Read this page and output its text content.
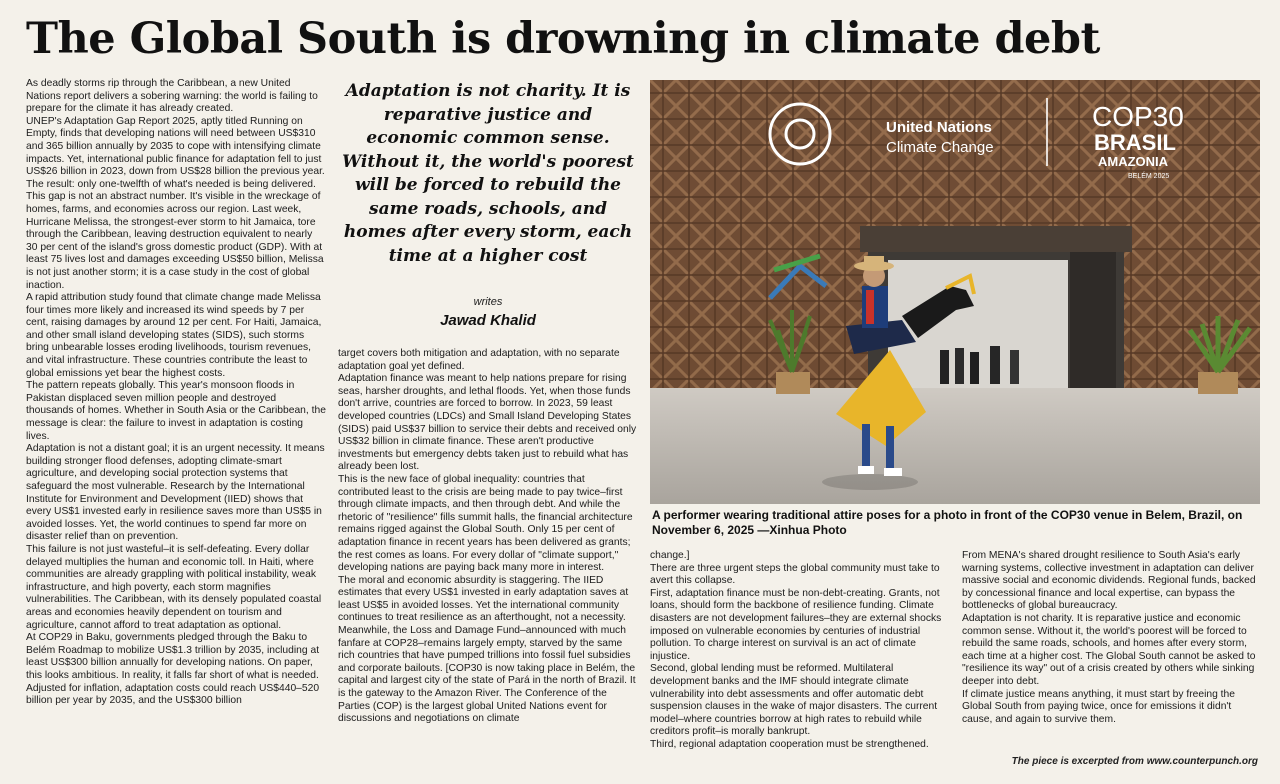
The Global South is drowning in climate debt

As deadly storms rip through the Caribbean, a new United Nations report delivers a sobering warning: the world is failing to prepare for the climate it has already created.

UNEP's Adaptation Gap Report 2025, aptly titled Running on Empty, finds that developing nations will need between US$310 and 365 billion annually by 2035 to cope with intensifying climate impacts. Yet, international public finance for adaptation fell to just US$26 billion in 2023, down from US$28 billion the previous year. The result: only one-twelfth of what's needed is being delivered.

This gap is not an abstract number. It's visible in the wreckage of homes, farms, and economies across our region. Last week, Hurricane Melissa, the strongest-ever storm to hit Jamaica, tore through the Caribbean, leaving destruction equivalent to nearly 30 per cent of the island's gross domestic product (GDP). With at least 75 lives lost and damages exceeding US$50 billion, Melissa is not just another storm; it is a case study in the cost of global inaction.

A rapid attribution study found that climate change made Melissa four times more likely and increased its wind speeds by 7 per cent, raising damages by around 12 per cent. For Haiti, Jamaica, and other small island developing states (SIDS), such storms bring unbearable losses eroding livelihoods, tourism revenues, and vital infrastructure. These countries contribute the least to global emissions yet bear the highest costs.

The pattern repeats globally. This year's monsoon floods in Pakistan displaced seven million people and destroyed thousands of homes. Whether in South Asia or the Caribbean, the message is clear: the failure to invest in adaptation is costing lives.

Adaptation is not a distant goal; it is an urgent necessity. It means building stronger flood defenses, adopting climate-smart agriculture, and developing social protection systems that safeguard the most vulnerable. Research by the International Institute for Environment and Development (IIED) shows that every US$1 invested early in resilience saves more than US$5 in avoided losses. Yet, the world continues to spend far more on disaster relief than on prevention.

This failure is not just wasteful–it is self-defeating. Every dollar delayed multiplies the human and economic toll. In Haiti, where communities are already grappling with political instability, weak infrastructure, and high poverty, each storm magnifies vulnerabilities. The Caribbean, with its densely populated coastal areas and economies heavily dependent on tourism and agriculture, cannot afford to treat adaptation as optional.

At COP29 in Baku, governments pledged through the Baku to Belém Roadmap to mobilize US$1.3 trillion by 2035, including at least US$300 billion annually for developing nations. On paper, this looks ambitious. In reality, it falls far short of what is needed. Adjusted for inflation, adaptation costs could reach US$440–520 billion per year by 2035, and the US$300 billion

Adaptation is not charity. It is reparative justice and economic common sense. Without it, the world's poorest will be forced to rebuild the same roads, schools, and homes after every storm, each time at a higher cost

writes
Jawad Khalid

target covers both mitigation and adaptation, with no separate adaptation goal yet defined.

Adaptation finance was meant to help nations prepare for rising seas, harsher droughts, and lethal floods. Yet, when those funds don't arrive, countries are forced to borrow. In 2023, 59 least developed countries (LDCs) and Small Island Developing States (SIDS) paid US$37 billion to service their debts and received only US$32 billion in climate finance. These aren't productive investments but emergency debts taken just to rebuild what has already been lost.

This is the new face of global inequality: countries that contributed least to the crisis are being made to pay twice–first through climate impacts, and then through debt. And while the rhetoric of "resilience" fills summit halls, the financial architecture remains rigged against the Global South. Only 15 per cent of adaptation finance in recent years has been delivered as grants; the rest comes as loans. For every dollar of "climate support," developing nations are paying back many more in interest.

The moral and economic absurdity is staggering. The IIED estimates that every US$1 invested in early adaptation saves at least US$5 in avoided losses. Yet the international community continues to treat resilience as an afterthought, not a necessity. Meanwhile, the Loss and Damage Fund–announced with much fanfare at COP28–remains largely empty, starved by the same rich countries that have pumped trillions into fossil fuel subsidies and corporate bailouts. [COP30 is now taking place in Belém, the capital and largest city of the state of Pará in the north of Brazil. It is the gateway to the Amazon River. The Conference of the Parties (COP) is the largest global United Nations event for discussions and negotiations on climate

United Nations
Climate Change
COP30
BRASIL
AMAZONIA
BELÉM 2025
A performer wearing traditional attire poses for a photo in front of the COP30 venue in Belem, Brazil, on November 6, 2025 —Xinhua Photo

change.]

There are three urgent steps the global community must take to avert this collapse.

First, adaptation finance must be non-debt-creating. Grants, not loans, should form the backbone of resilience funding. Climate disasters are not development failures–they are external shocks imposed on vulnerable economies by centuries of industrial pollution. To charge interest on survival is an act of climate injustice.

Second, global lending must be reformed. Multilateral development banks and the IMF should integrate climate vulnerability into debt assessments and offer automatic debt suspension clauses in the wake of major disasters. The current model–where countries borrow at high rates to rebuild while creditors profit–is morally bankrupt.

Third, regional adaptation cooperation must be strengthened.

From MENA's shared drought resilience to South Asia's early warning systems, collective investment in adaptation can deliver massive social and economic dividends. Regional funds, backed by concessional finance and local expertise, can bypass the bottlenecks of global bureaucracy.

Adaptation is not charity. It is reparative justice and economic common sense. Without it, the world's poorest will be forced to rebuild the same roads, schools, and homes after every storm, each time at a higher cost. The Global South cannot be asked to "resilience its way" out of a crisis created by others while sinking deeper into debt.

If climate justice means anything, it must start by freeing the Global South from paying twice, once for emissions it didn't cause, and again to survive them.

The piece is excerpted from www.counterpunch.org
